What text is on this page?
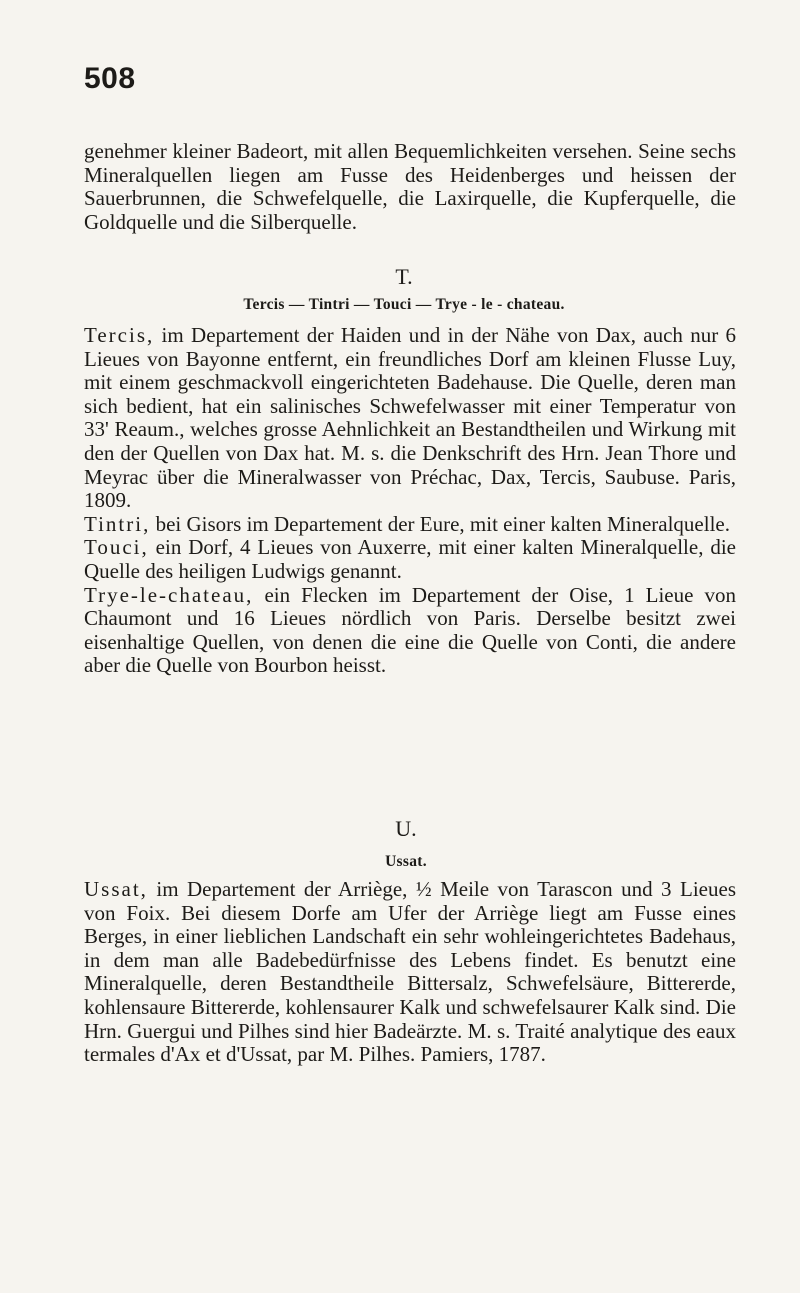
508
genehmer kleiner Badeort, mit allen Bequemlichkeiten versehen. Seine sechs Mineralquellen liegen am Fusse des Heidenberges und heissen der Sauerbrunnen, die Schwefelquelle, die Laxirquelle, die Kupferquelle, die Goldquelle und die Silberquelle.
T.
Tercis — Tintri — Touci — Trye - le - chateau.

Tercis, im Departement der Haiden und in der Nähe von Dax, auch nur 6 Lieues von Bayonne entfernt, ein freundliches Dorf am kleinen Flusse Luy, mit einem geschmackvoll eingerichteten Badehause. Die Quelle, deren man sich bedient, hat ein salinisches Schwefelwasser mit einer Temperatur von 33' Reaum., welches grosse Aehnlichkeit an Bestandtheilen und Wirkung mit den der Quellen von Dax hat. M. s. die Denkschrift des Hrn. Jean Thore und Meyrac über die Mineralwasser von Préchac, Dax, Tercis, Saubuse. Paris, 1809.

Tintri, bei Gisors im Departement der Eure, mit einer kalten Mineralquelle.

Touci, ein Dorf, 4 Lieues von Auxerre, mit einer kalten Mineralquelle, die Quelle des heiligen Ludwigs genannt.

Trye-le-chateau, ein Flecken im Departement der Oise, 1 Lieue von Chaumont und 16 Lieues nördlich von Paris. Derselbe besitzt zwei eisenhaltige Quellen, von denen die eine die Quelle von Conti, die andere aber die Quelle von Bourbon heisst.

U.
Ussat.

Ussat, im Departement der Arriège, ½ Meile von Tarascon und 3 Lieues von Foix. Bei diesem Dorfe am Ufer der Arriège liegt am Fusse eines Berges, in einer lieblichen Landschaft ein sehr wohleingerichtetes Badehaus, in dem man alle Badebedürfnisse des Lebens findet. Es benutzt eine Mineralquelle, deren Bestandtheile Bittersalz, Schwefelsäure, Bittererde, kohlensaure Bittererde, kohlensaurer Kalk und schwefelsaurer Kalk sind. Die Hrn. Guergui und Pilhes sind hier Badeärzte. M. s. Traité analytique des eaux termales d'Ax et d'Ussat, par M. Pilhes. Pamiers, 1787.
